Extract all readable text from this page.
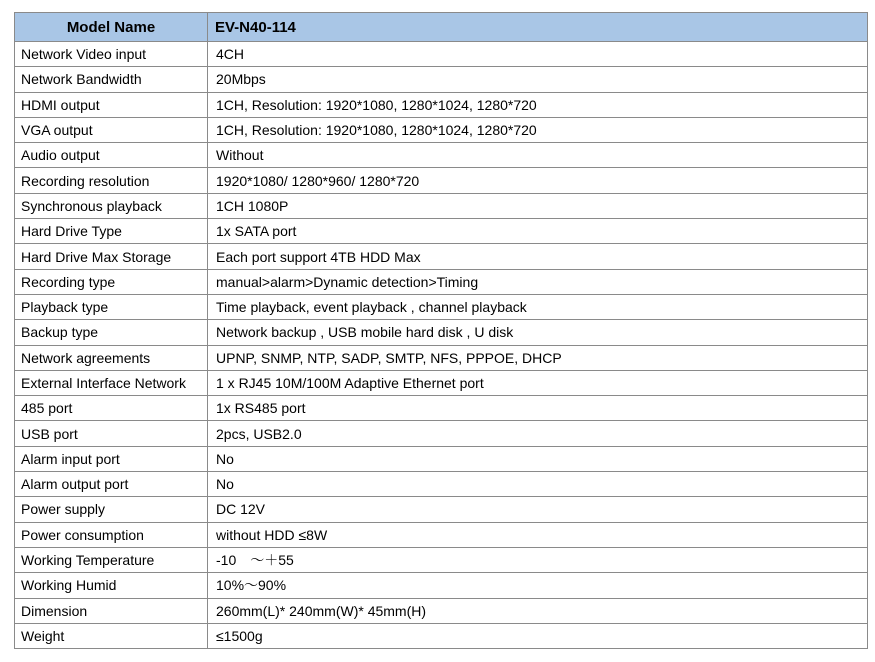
Model Name	EV-N40-114
Network Video input	4CH
Network Bandwidth	20Mbps
HDMI output	1CH, Resolution: 1920*1080, 1280*1024, 1280*720
VGA output	1CH, Resolution: 1920*1080, 1280*1024, 1280*720
Audio output	Without
Recording resolution	1920*1080/ 1280*960/ 1280*720
Synchronous playback	1CH 1080P
Hard Drive Type	1x SATA port
Hard Drive Max Storage	Each port support 4TB HDD Max
Recording type	manual>alarm>Dynamic detection>Timing
Playback type	Time playback, event playback , channel playback
Backup type	Network backup , USB mobile hard disk , U disk
Network agreements	UPNP, SNMP, NTP, SADP, SMTP, NFS, PPPOE, DHCP
External Interface Network	1 x RJ45 10M/100M Adaptive Ethernet port
485 port	1x RS485 port
USB port	2pcs, USB2.0
Alarm input port	No
Alarm output port	No
Power supply	DC 12V
Power consumption	without HDD ≤8W
Working Temperature	-10　～＋55
Working Humid	10%～90%
Dimension	260mm(L)* 240mm(W)* 45mm(H)
Weight	≤1500g
